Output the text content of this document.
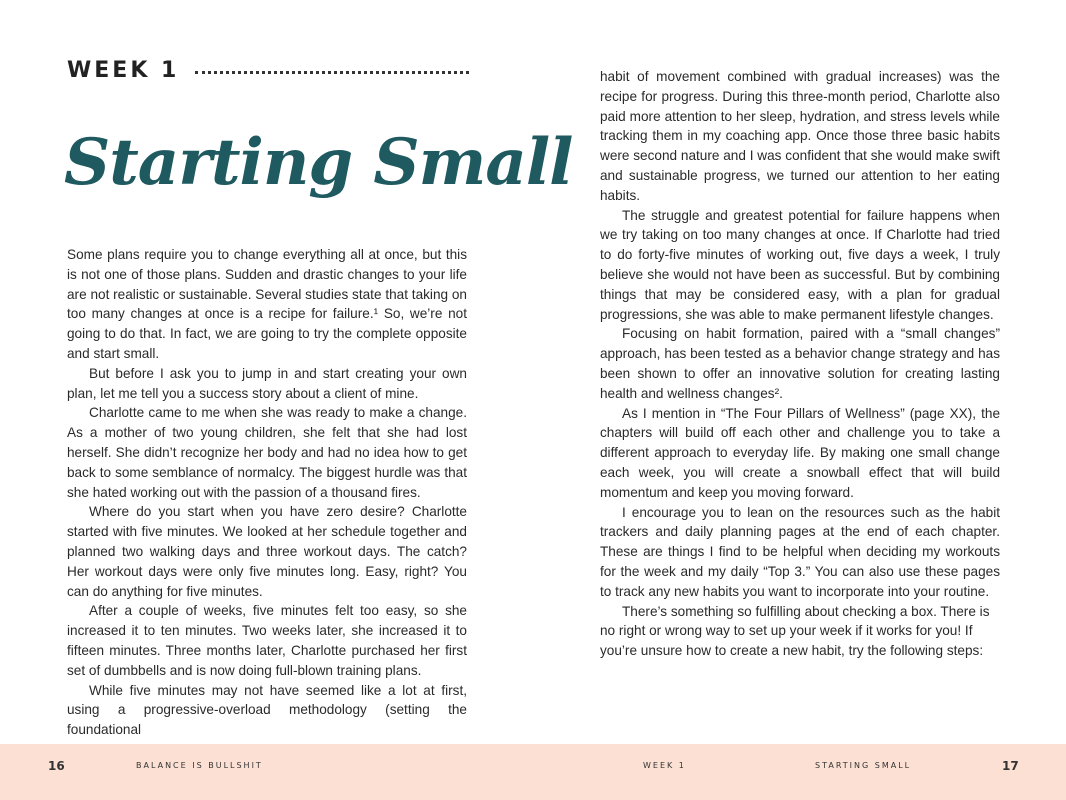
WEEK 1
Starting Small

Some plans require you to change everything all at once, but this is not one of those plans. Sudden and drastic changes to your life are not realistic or sustainable. Several studies state that taking on too many changes at once is a recipe for failure.¹ So, we’re not going to do that. In fact, we are going to try the complete opposite and start small.

But before I ask you to jump in and start creating your own plan, let me tell you a success story about a client of mine.

Charlotte came to me when she was ready to make a change. As a mother of two young children, she felt that she had lost herself. She didn’t recognize her body and had no idea how to get back to some semblance of normalcy. The biggest hurdle was that she hated working out with the passion of a thousand fires.

Where do you start when you have zero desire? Charlotte started with five minutes. We looked at her schedule together and planned two walking days and three workout days. The catch? Her workout days were only five minutes long. Easy, right? You can do anything for five minutes.

After a couple of weeks, five minutes felt too easy, so she increased it to ten minutes. Two weeks later, she increased it to fifteen minutes. Three months later, Charlotte purchased her first set of dumbbells and is now doing full-blown training plans.

While five minutes may not have seemed like a lot at first, using a progressive-overload methodology (setting the foundational

habit of movement combined with gradual increases) was the recipe for progress. During this three-month period, Charlotte also paid more attention to her sleep, hydration, and stress levels while tracking them in my coaching app. Once those three basic habits were second nature and I was confident that she would make swift and sustainable progress, we turned our attention to her eating habits.

The struggle and greatest potential for failure happens when we try taking on too many changes at once. If Charlotte had tried to do forty-five minutes of working out, five days a week, I truly believe she would not have been as successful. But by combining things that may be considered easy, with a plan for gradual progressions, she was able to make permanent lifestyle changes.

Focusing on habit formation, paired with a “small changes” approach, has been tested as a behavior change strategy and has been shown to offer an innovative solution for creating lasting health and wellness changes².

As I mention in “The Four Pillars of Wellness” (page XX), the chapters will build off each other and challenge you to take a different approach to everyday life. By making one small change each week, you will create a snowball effect that will build momentum and keep you moving forward.

I encourage you to lean on the resources such as the habit trackers and daily planning pages at the end of each chapter. These are things I find to be helpful when deciding my workouts for the week and my daily “Top 3.” You can also use these pages to track any new habits you want to incorporate into your routine.

There’s something so fulfilling about checking a box. There is no right or wrong way to set up your week if it works for you! If you’re unsure how to create a new habit, try the following steps:

16	BALANCE IS BULLSHIT	WEEK 1	STARTING SMALL	17
